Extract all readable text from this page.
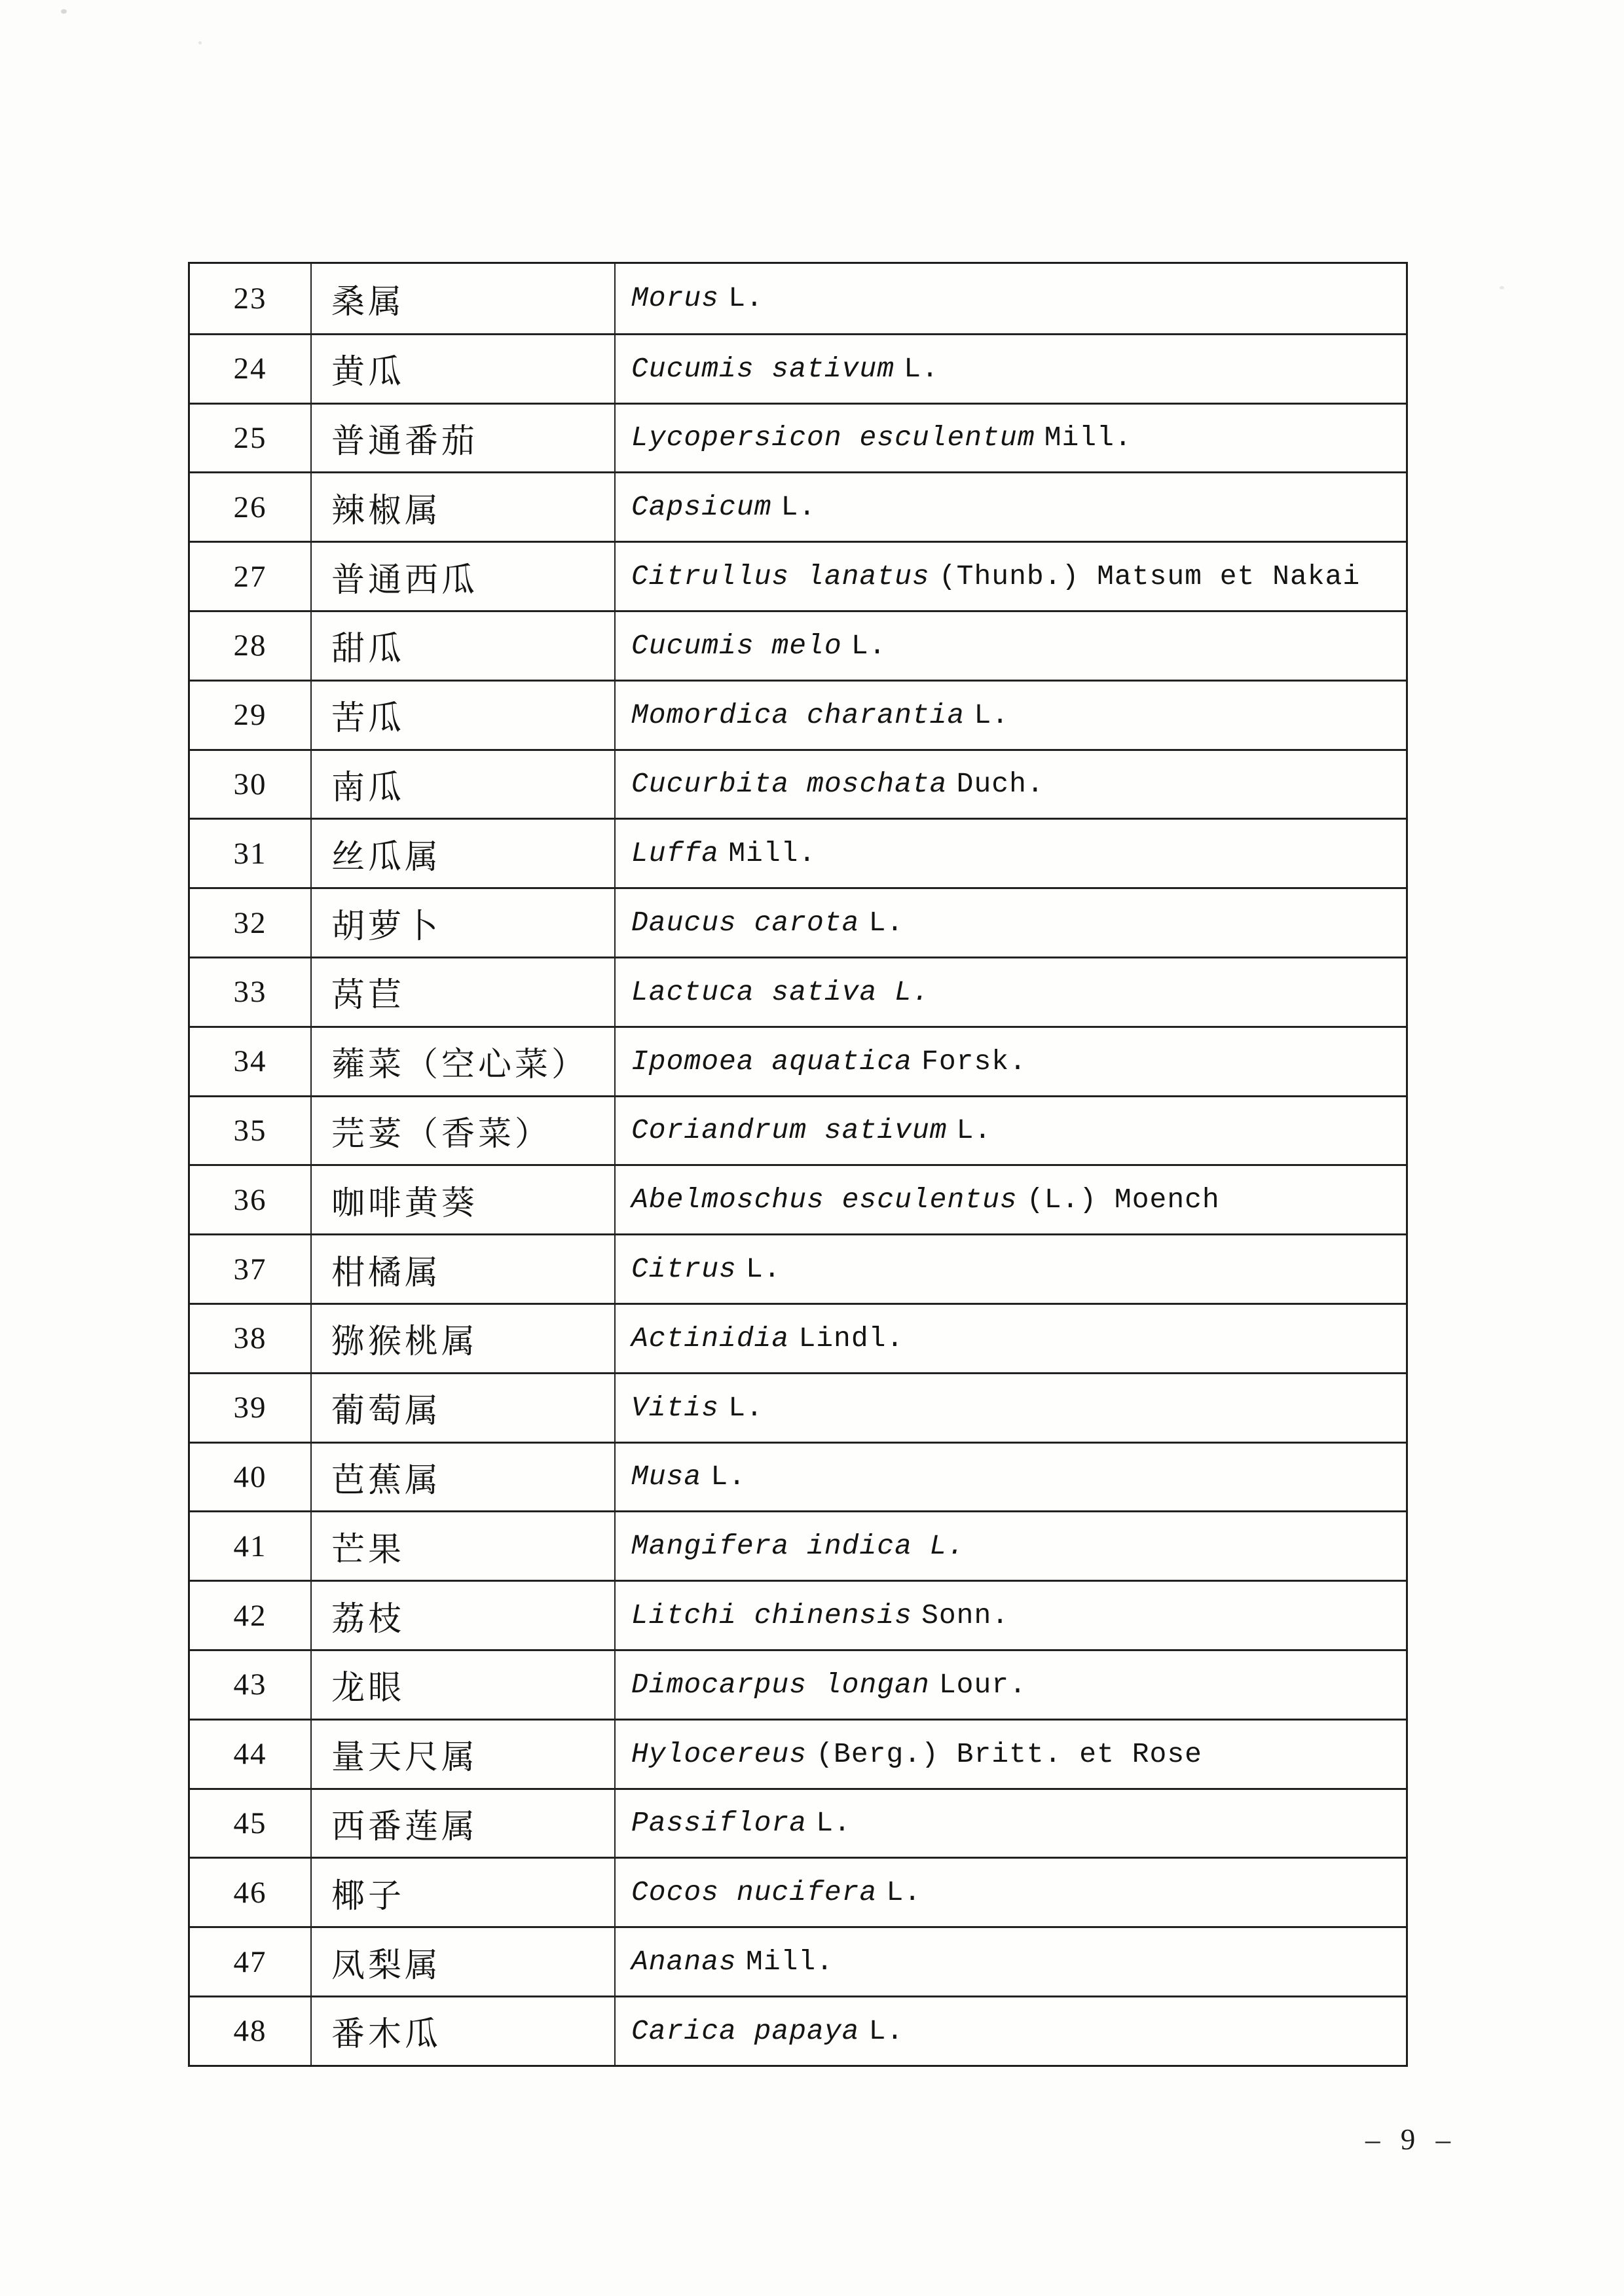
23	桑属	Morus L.
24	黄瓜	Cucumis sativum L.
25	普通番茄	Lycopersicon esculentum Mill.
26	辣椒属	Capsicum L.
27	普通西瓜	Citrullus lanatus (Thunb.) Matsum et Nakai
28	甜瓜	Cucumis melo L.
29	苦瓜	Momordica charantia L.
30	南瓜	Cucurbita moschata Duch.
31	丝瓜属	Luffa Mill.
32	胡萝卜	Daucus carota L.
33	莴苣	Lactuca sativa L.
34	蕹菜（空心菜）	Ipomoea aquatica Forsk.
35	芫荽（香菜）	Coriandrum sativum L.
36	咖啡黄葵	Abelmoschus esculentus (L.) Moench
37	柑橘属	Citrus L.
38	猕猴桃属	Actinidia Lindl.
39	葡萄属	Vitis L.
40	芭蕉属	Musa L.
41	芒果	Mangifera indica L.
42	荔枝	Litchi chinensis Sonn.
43	龙眼	Dimocarpus longan Lour.
44	量天尺属	Hylocereus (Berg.) Britt. et Rose
45	西番莲属	Passiflora L.
46	椰子	Cocos nucifera L.
47	凤梨属	Ananas Mill.
48	番木瓜	Carica papaya L.
– 9 –
